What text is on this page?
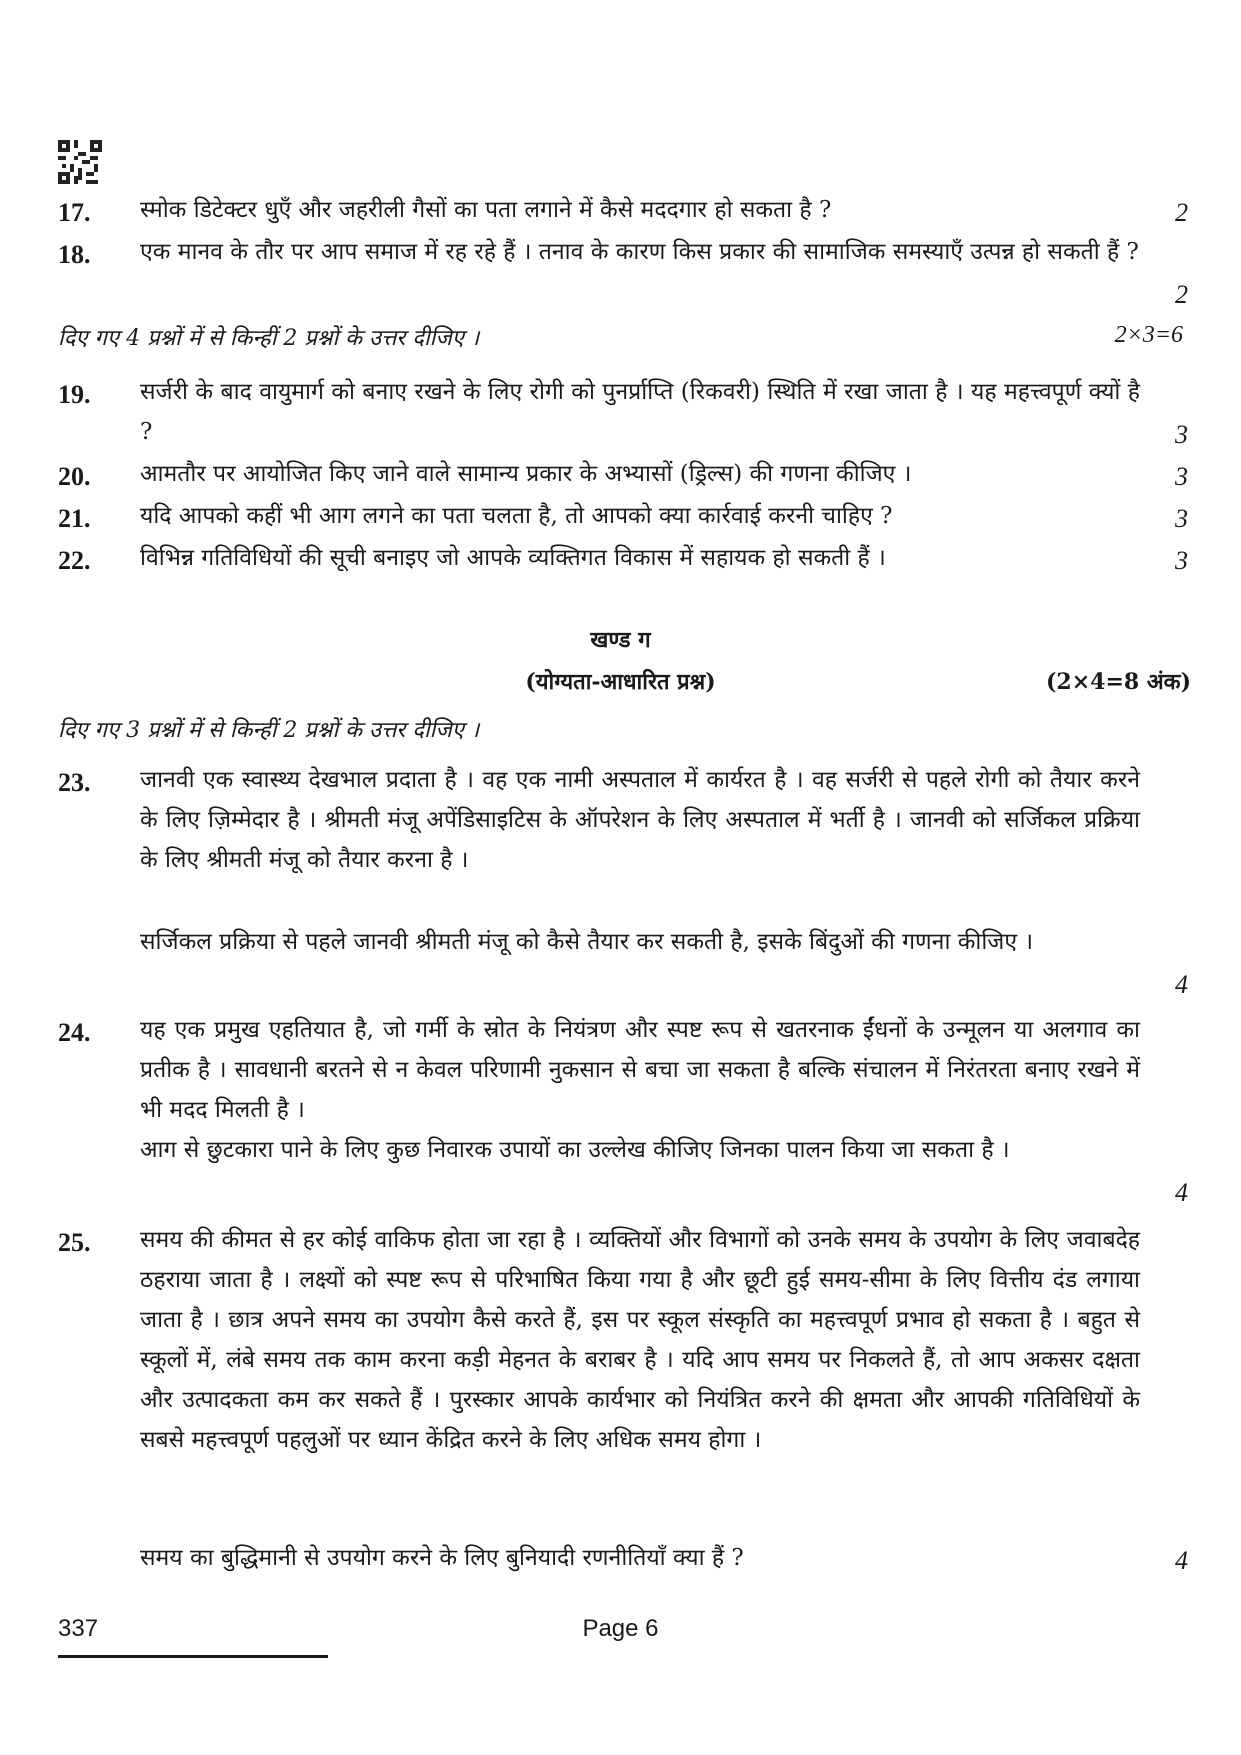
17. स्मोक डिटेक्टर धुएँ और जहरीली गैसों का पता लगाने में कैसे मददगार हो सकता है ?	2
18. एक मानव के तौर पर आप समाज में रह रहे हैं । तनाव के कारण किस प्रकार की सामाजिक समस्याएँ उत्पन्न हो सकती हैं ?
2
दिए गए 4 प्रश्नों में से किन्हीं 2 प्रश्नों के उत्तर दीजिए ।	2×3=6
19. सर्जरी के बाद वायुमार्ग को बनाए रखने के लिए रोगी को पुनर्प्राप्ति (रिकवरी) स्थिति में रखा जाता है । यह महत्त्वपूर्ण क्यों है ?	3
20. आमतौर पर आयोजित किए जाने वाले सामान्य प्रकार के अभ्यासों (ड्रिल्स) की गणना कीजिए ।	3
21. यदि आपको कहीं भी आग लगने का पता चलता है, तो आपको क्या कार्रवाई करनी चाहिए ?	3
22. विभिन्न गतिविधियों की सूची बनाइए जो आपके व्यक्तिगत विकास में सहायक हो सकती हैं ।	3
खण्ड ग
(योग्यता-आधारित प्रश्न)	(2×4=8 अंक)
दिए गए 3 प्रश्नों में से किन्हीं 2 प्रश्नों के उत्तर दीजिए ।
23. जानवी एक स्वास्थ्य देखभाल प्रदाता है । वह एक नामी अस्पताल में कार्यरत है । वह सर्जरी से पहले रोगी को तैयार करने के लिए ज़िम्मेदार है । श्रीमती मंजू अपेंडिसाइटिस के ऑपरेशन के लिए अस्पताल में भर्ती है । जानवी को सर्जिकल प्रक्रिया के लिए श्रीमती मंजू को तैयार करना है ।
सर्जिकल प्रक्रिया से पहले जानवी श्रीमती मंजू को कैसे तैयार कर सकती है, इसके बिंदुओं की गणना कीजिए ।
4
24. यह एक प्रमुख एहतियात है, जो गर्मी के स्रोत के नियंत्रण और स्पष्ट रूप से खतरनाक ईंधनों के उन्मूलन या अलगाव का प्रतीक है । सावधानी बरतने से न केवल परिणामी नुकसान से बचा जा सकता है बल्कि संचालन में निरंतरता बनाए रखने में भी मदद मिलती है ।
आग से छुटकारा पाने के लिए कुछ निवारक उपायों का उल्लेख कीजिए जिनका पालन किया जा सकता है ।
4
25. समय की कीमत से हर कोई वाकिफ होता जा रहा है । व्यक्तियों और विभागों को उनके समय के उपयोग के लिए जवाबदेह ठहराया जाता है । लक्ष्यों को स्पष्ट रूप से परिभाषित किया गया है और छूटी हुई समय-सीमा के लिए वित्तीय दंड लगाया जाता है । छात्र अपने समय का उपयोग कैसे करते हैं, इस पर स्कूल संस्कृति का महत्त्वपूर्ण प्रभाव हो सकता है । बहुत से स्कूलों में, लंबे समय तक काम करना कड़ी मेहनत के बराबर है । यदि आप समय पर निकलते हैं, तो आप अकसर दक्षता और उत्पादकता कम कर सकते हैं । पुरस्कार आपके कार्यभार को नियंत्रित करने की क्षमता और आपकी गतिविधियों के सबसे महत्त्वपूर्ण पहलुओं पर ध्यान केंद्रित करने के लिए अधिक समय होगा ।
समय का बुद्धिमानी से उपयोग करने के लिए बुनियादी रणनीतियाँ क्या हैं ?	4
337	Page 6
